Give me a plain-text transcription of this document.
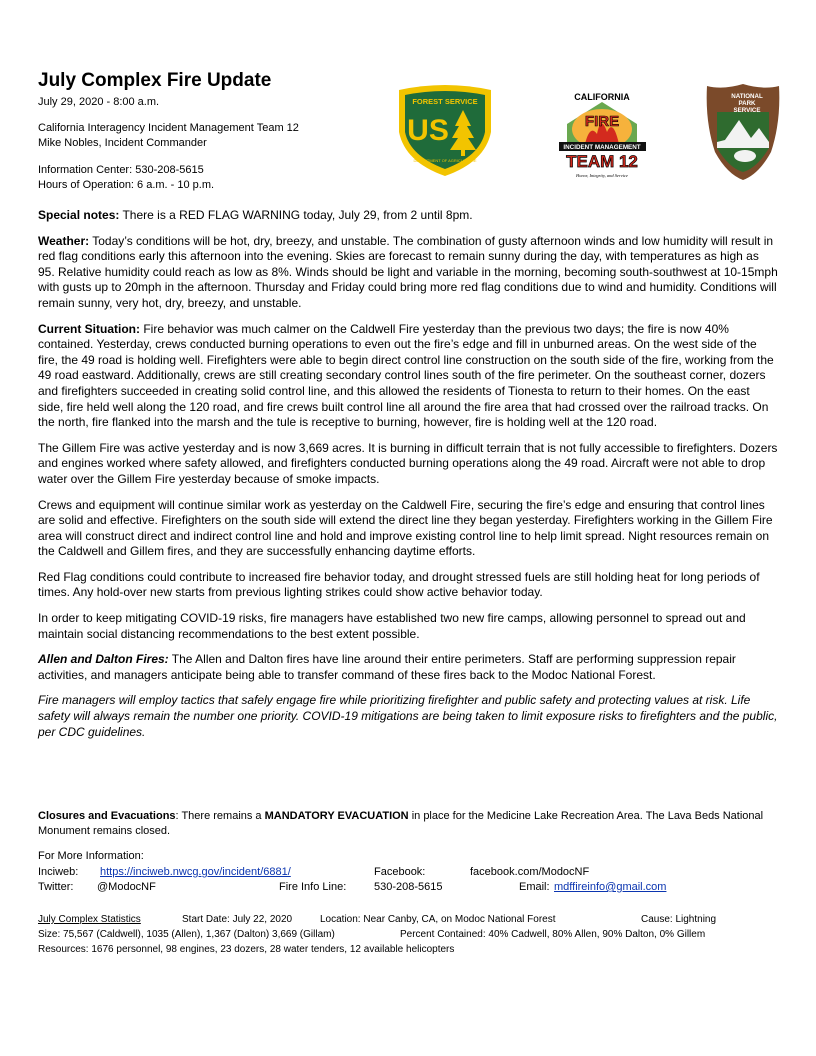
July Complex Fire Update
July 29, 2020 - 8:00 a.m.
California Interagency Incident Management Team 12
Mike Nobles, Incident Commander
Information Center: 530-208-5615
Hours of Operation: 6 a.m. - 10 p.m.
FOREST SERVICE
US
DEPARTMENT OF AGRICULTURE
CALIFORNIA
FIRE
INCIDENT MANAGEMENT
TEAM 12
Honor, Integrity, and Service
NATIONAL
PARK
SERVICE

Special notes: There is a RED FLAG WARNING today, July 29, from 2 until 8pm.

Weather: Today’s conditions will be hot, dry, breezy, and unstable. The combination of gusty afternoon winds and low humidity will result in red flag conditions early this afternoon into the evening. Skies are forecast to remain sunny during the day, with temperatures as high as 95. Relative humidity could reach as low as 8%. Winds should be light and variable in the morning, becoming south-southwest at 10-15mph with gusts up to 20mph in the afternoon. Thursday and Friday could bring more red flag conditions due to wind and humidity. Conditions will remain sunny, very hot, dry, breezy, and unstable.

Current Situation: Fire behavior was much calmer on the Caldwell Fire yesterday than the previous two days; the fire is now 40% contained. Yesterday, crews conducted burning operations to even out the fire’s edge and fill in unburned areas. On the west side of the fire, the 49 road is holding well. Firefighters were able to begin direct control line construction on the south side of the fire, working from the 49 road eastward. Additionally, crews are still creating secondary control lines south of the fire perimeter. On the southeast corner, dozers and firefighters succeeded in creating solid control line, and this allowed the residents of Tionesta to return to their homes. On the east side, fire held well along the 120 road, and fire crews built control line all around the fire area that had crossed over the railroad tracks. On the north, fire flanked into the marsh and the tule is receptive to burning, however, fire is holding well at the 120 road.

The Gillem Fire was active yesterday and is now 3,669 acres. It is burning in difficult terrain that is not fully accessible to firefighters. Dozers and engines worked where safety allowed, and firefighters conducted burning operations along the 49 road. Aircraft were not able to drop water over the Gillem Fire yesterday because of smoke impacts.

Crews and equipment will continue similar work as yesterday on the Caldwell Fire, securing the fire’s edge and ensuring that control lines are solid and effective. Firefighters on the south side will extend the direct line they began yesterday. Firefighters working in the Gillem Fire area will construct direct and indirect control line and hold and improve existing control line to help limit spread. Night resources remain on the Caldwell and Gillem fires, and they are successfully enhancing daytime efforts.

Red Flag conditions could contribute to increased fire behavior today, and drought stressed fuels are still holding heat for long periods of times. Any hold-over new starts from previous lighting strikes could show active behavior today.

In order to keep mitigating COVID-19 risks, fire managers have established two new fire camps, allowing personnel to spread out and maintain social distancing recommendations to the best extent possible.

Allen and Dalton Fires: The Allen and Dalton fires have line around their entire perimeters. Staff are performing suppression repair activities, and managers anticipate being able to transfer command of these fires back to the Modoc National Forest.

Fire managers will employ tactics that safely engage fire while prioritizing firefighter and public safety and protecting values at risk. Life safety will always remain the number one priority. COVID-19 mitigations are being taken to limit exposure risks to firefighters and the public, per CDC guidelines.

Closures and Evacuations: There remains a MANDATORY EVACUATION in place for the Medicine Lake Recreation Area. The Lava Beds National Monument remains closed.
For More Information:
Inciweb: https://inciweb.nwcg.gov/incident/6881/	Facebook:	facebook.com/ModocNF
Twitter: @ModocNF	Fire Info Line:	530-208-5615	Email: mdffireinfo@gmail.com
July Complex Statistics	Start Date: July 22, 2020	Location: Near Canby, CA, on Modoc National Forest	Cause: Lightning
Size: 75,567 (Caldwell), 1035 (Allen), 1,367 (Dalton) 3,669 (Gillam)	Percent Contained: 40% Cadwell, 80% Allen, 90% Dalton, 0% Gillem
Resources: 1676 personnel, 98 engines, 23 dozers, 28 water tenders, 12 available helicopters
